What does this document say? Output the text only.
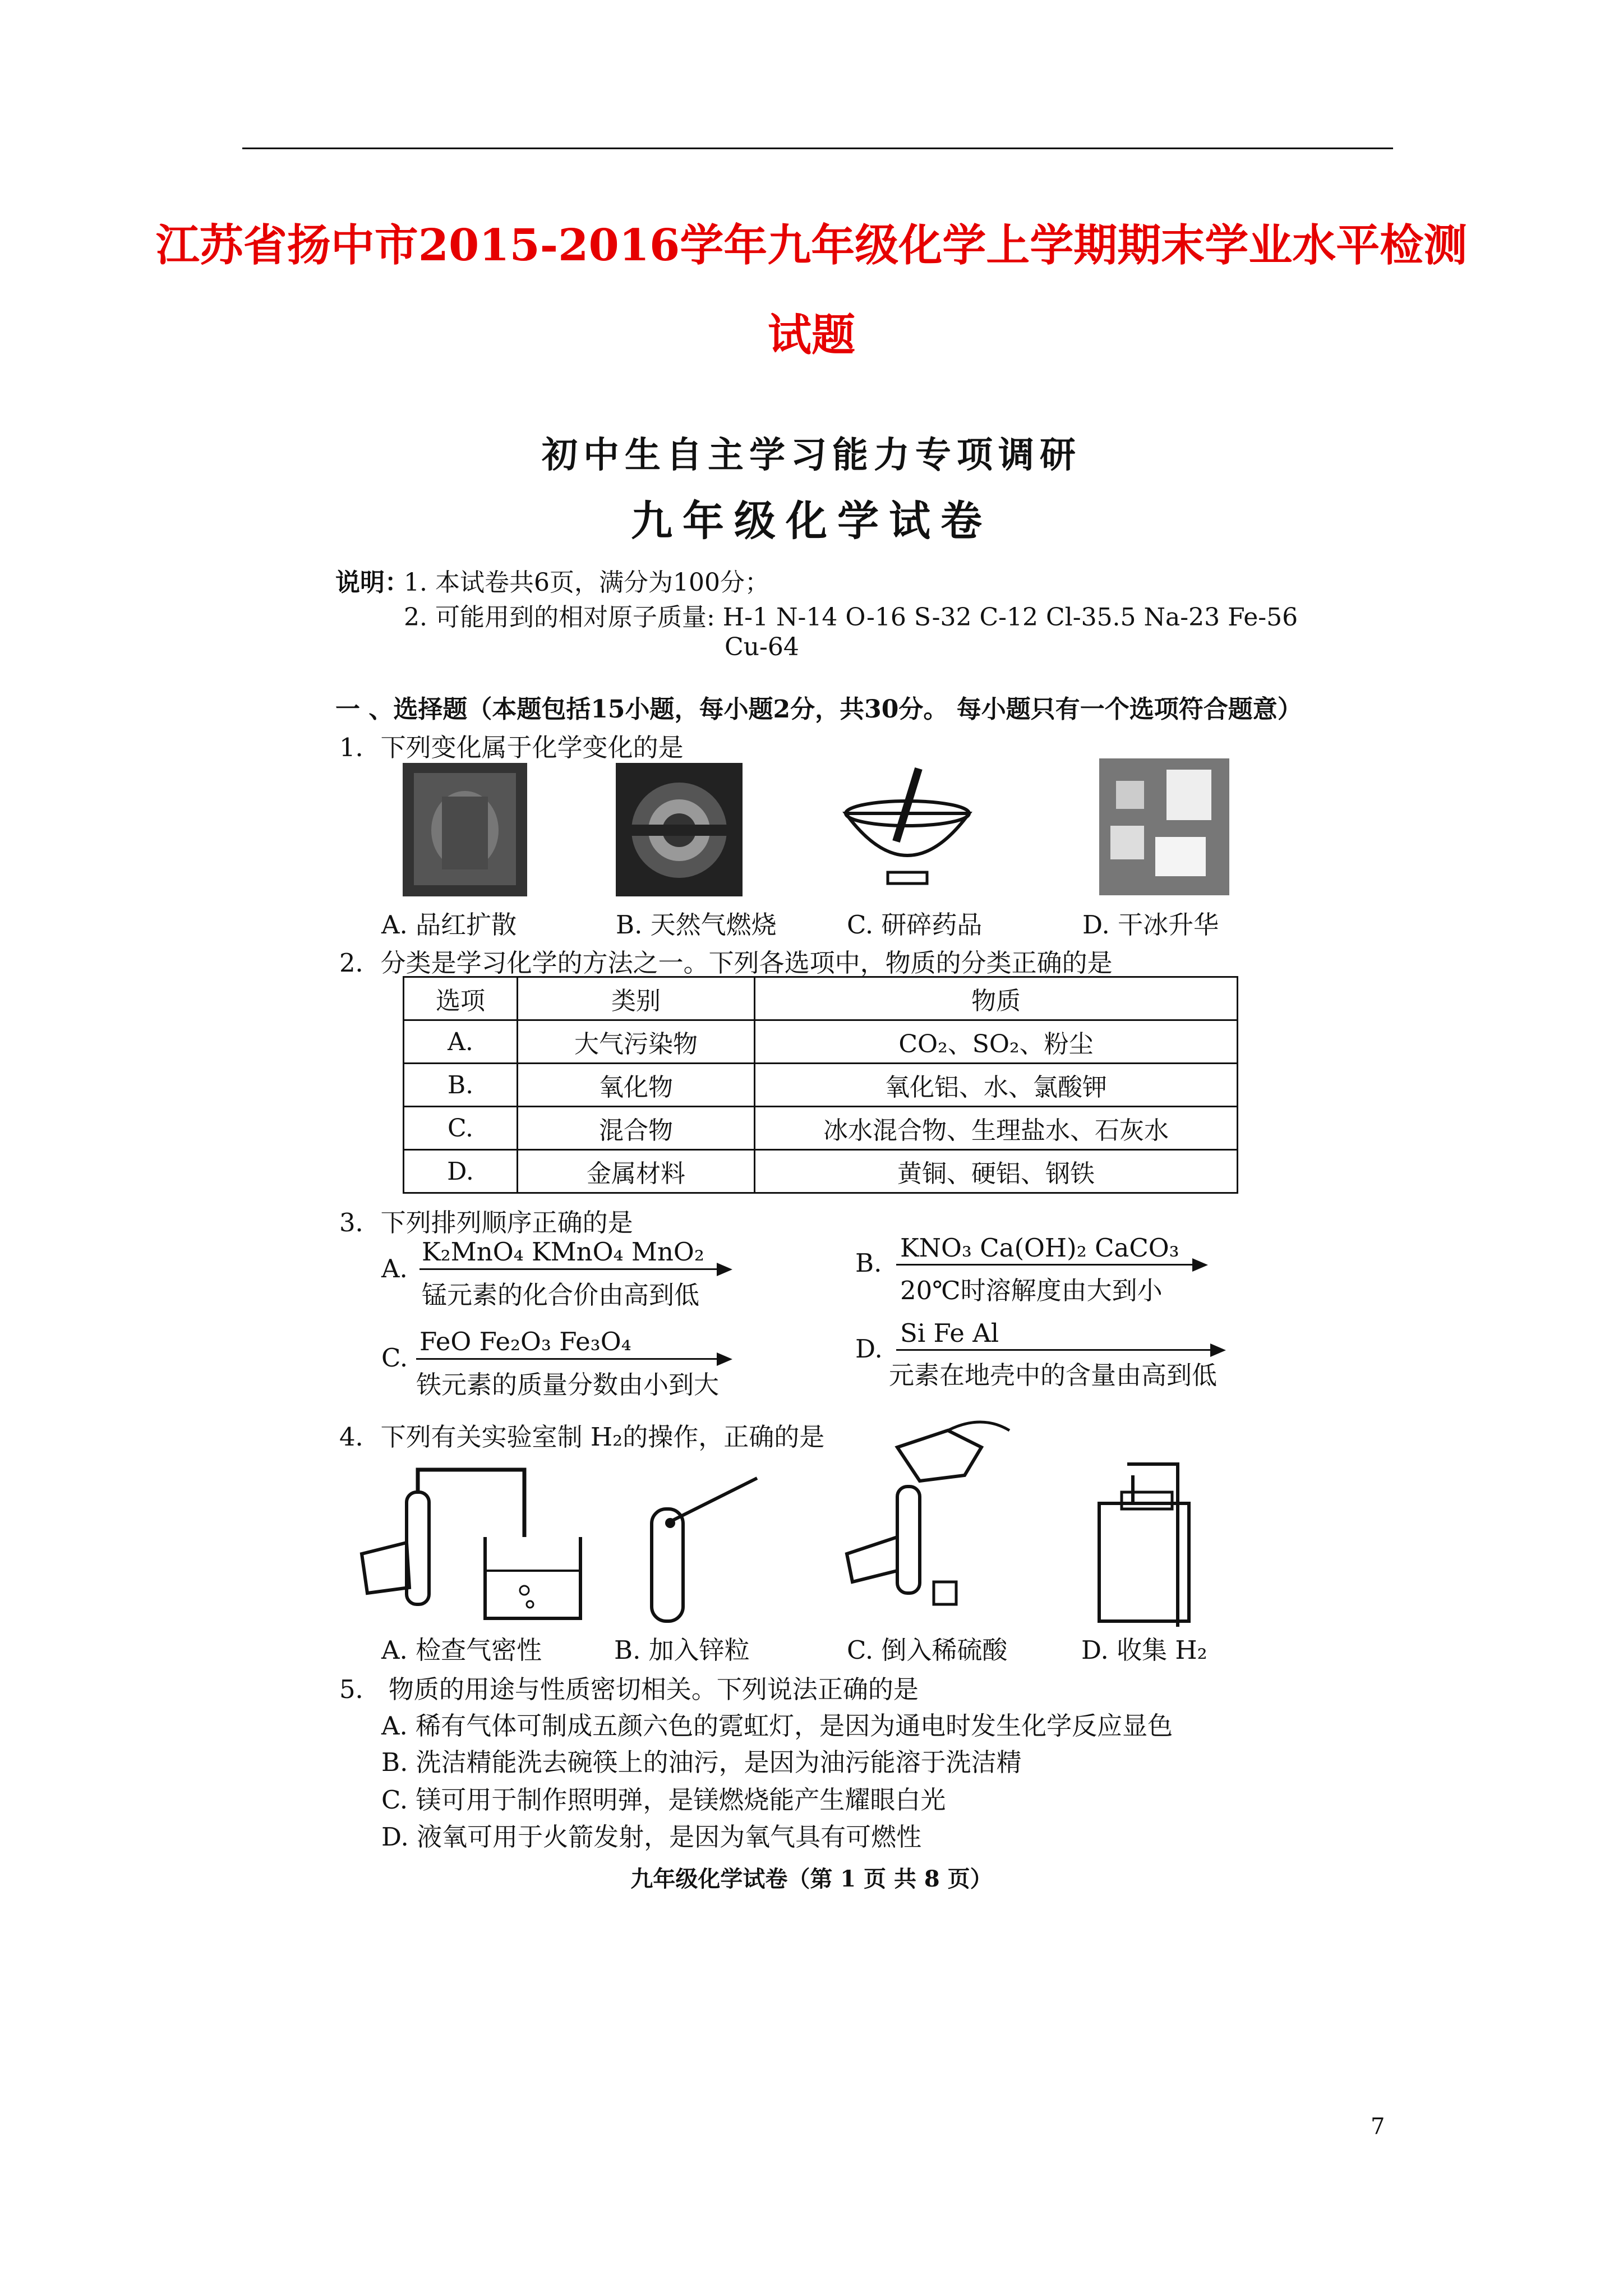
江苏省扬中市2015-2016学年九年级化学上学期期末学业水平检测
试题
初中生自主学习能力专项调研
九年级化学试卷
说明：
1. 本试卷共6页，满分为100分；
2. 可能用到的相对原子质量: H-1 N-14 O-16 S-32 C-12 Cl-35.5 Na-23 Fe-56
Cu-64
一 、选择题（本题包括15小题，每小题2分，共30分。 每小题只有一个选项符合题意）
1．下列变化属于化学变化的是
A. 品红扩散	B. 天然气燃烧	C. 研碎药品	D. 干冰升华
2．分类是学习化学的方法之一。下列各选项中，物质的分类正确的是
选项	类别	物质
A.	大气污染物	CO₂、SO₂、粉尘
B.	氧化物	氧化铝、水、氯酸钾
C.	混合物	冰水混合物、生理盐水、石灰水
D.	金属材料	黄铜、硬铝、钢铁
3．下列排列顺序正确的是
A.
K₂MnO₄ KMnO₄ MnO₂
锰元素的化合价由高到低
B.
KNO₃ Ca(OH)₂ CaCO₃
20℃时溶解度由大到小
C.
FeO Fe₂O₃ Fe₃O₄
铁元素的质量分数由小到大
D.
Si Fe Al
元素在地壳中的含量由高到低
4．下列有关实验室制 H₂的操作，正确的是
A. 检查气密性	B. 加入锌粒	C. 倒入稀硫酸	D. 收集 H₂
5． 物质的用途与性质密切相关。下列说法正确的是
A. 稀有气体可制成五颜六色的霓虹灯，是因为通电时发生化学反应显色
B. 洗洁精能洗去碗筷上的油污，是因为油污能溶于洗洁精
C. 镁可用于制作照明弹，是镁燃烧能产生耀眼白光
D. 液氧可用于火箭发射，是因为氧气具有可燃性
九年级化学试卷（第 1 页 共 8 页）
7
